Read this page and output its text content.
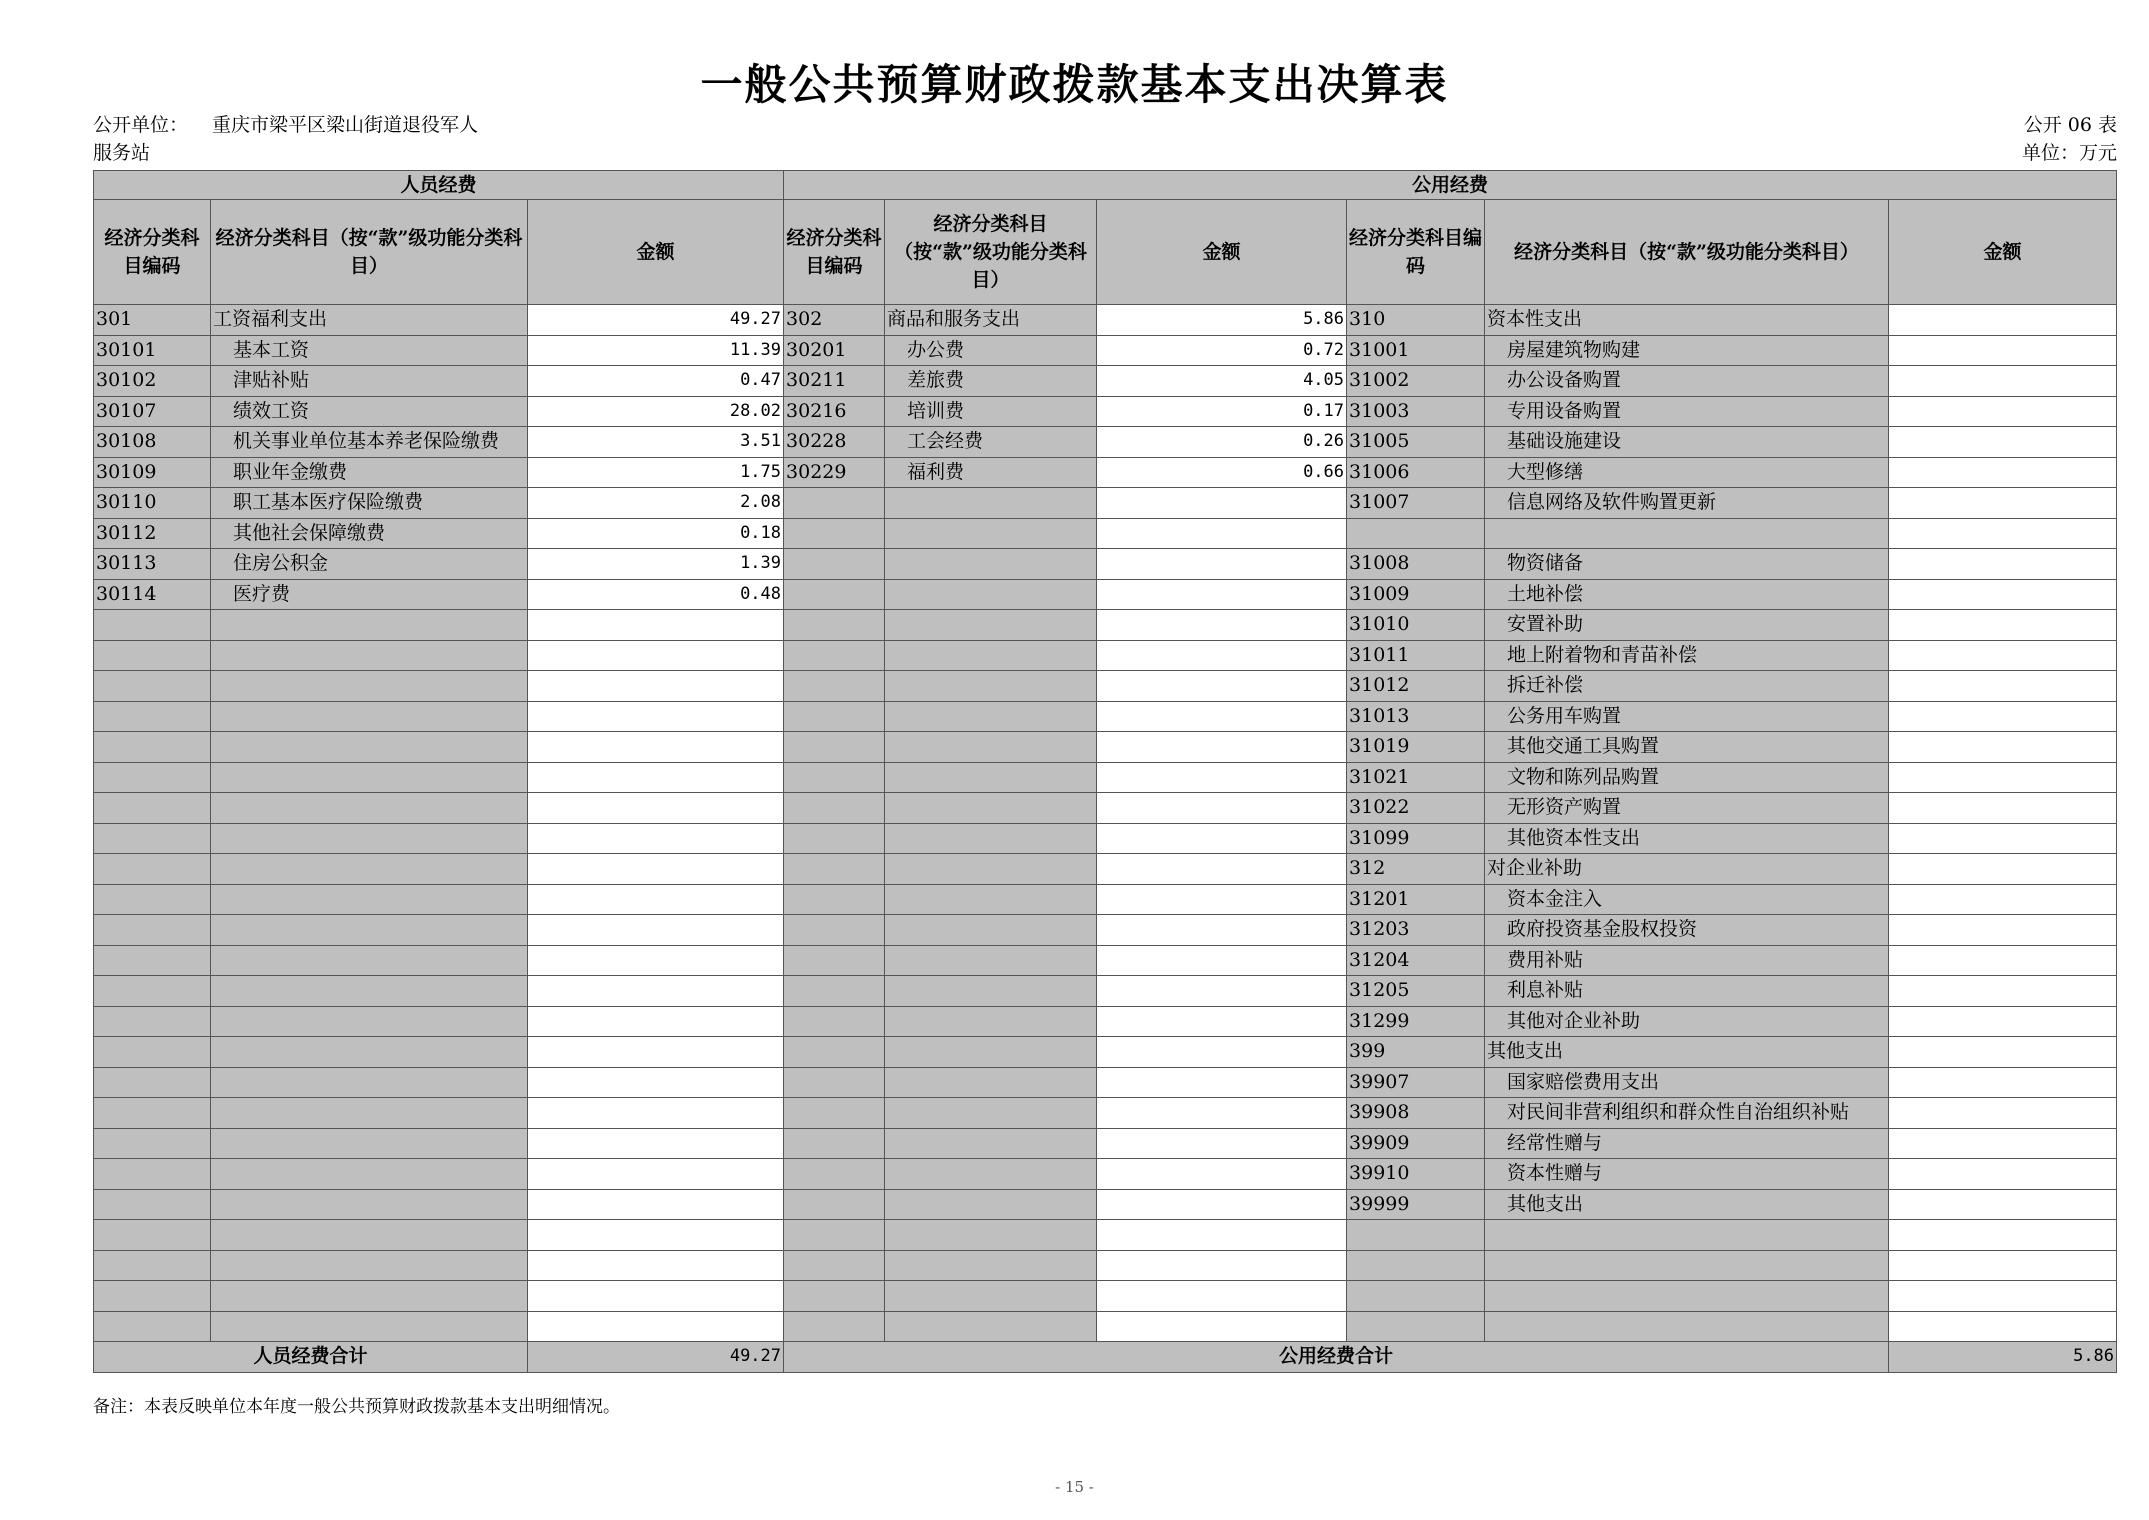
一般公共预算财政拨款基本支出决算表
公开单位： 重庆市梁平区梁山街道退役军人
服务站
公开 06 表
单位：万元
人员经费			公用经费					
经济分类科目编码	经济分类科目（按“款”级功能分类科目）	金额	经济分类科目编码	经济分类科目（按“款”级功能分类科目）	金额	经济分类科目编码	经济分类科目（按“款”级功能分类科目）	金额
301	工资福利支出	49.27	302	商品和服务支出	5.86	310	资本性支出	
30101	基本工资	11.39	30201	办公费	0.72	31001	房屋建筑物购建	
30102	津贴补贴	0.47	30211	差旅费	4.05	31002	办公设备购置	
30107	绩效工资	28.02	30216	培训费	0.17	31003	专用设备购置	
30108	机关事业单位基本养老保险缴费	3.51	30228	工会经费	0.26	31005	基础设施建设	
30109	职业年金缴费	1.75	30229	福利费	0.66	31006	大型修缮	
30110	职工基本医疗保险缴费	2.08				31007	信息网络及软件购置更新	
30112	其他社会保障缴费	0.18						
30113	住房公积金	1.39				31008	物资储备	
30114	医疗费	0.48				31009	土地补偿	
						31010	安置补助	
						31011	地上附着物和青苗补偿	
						31012	拆迁补偿	
						31013	公务用车购置	
						31019	其他交通工具购置	
						31021	文物和陈列品购置	
						31022	无形资产购置	
						31099	其他资本性支出	
						312	对企业补助	
						31201	资本金注入	
						31203	政府投资基金股权投资	
						31204	费用补贴	
						31205	利息补贴	
						31299	其他对企业补助	
						399	其他支出	
						39907	国家赔偿费用支出	
						39908	对民间非营利组织和群众性自治组织补贴	
						39909	经常性赠与	
						39910	资本性赠与	
						39999	其他支出	

人员经费合计		49.27	公用经费合计					5.86
备注：本表反映单位本年度一般公共预算财政拨款基本支出明细情况。
- 15 -
